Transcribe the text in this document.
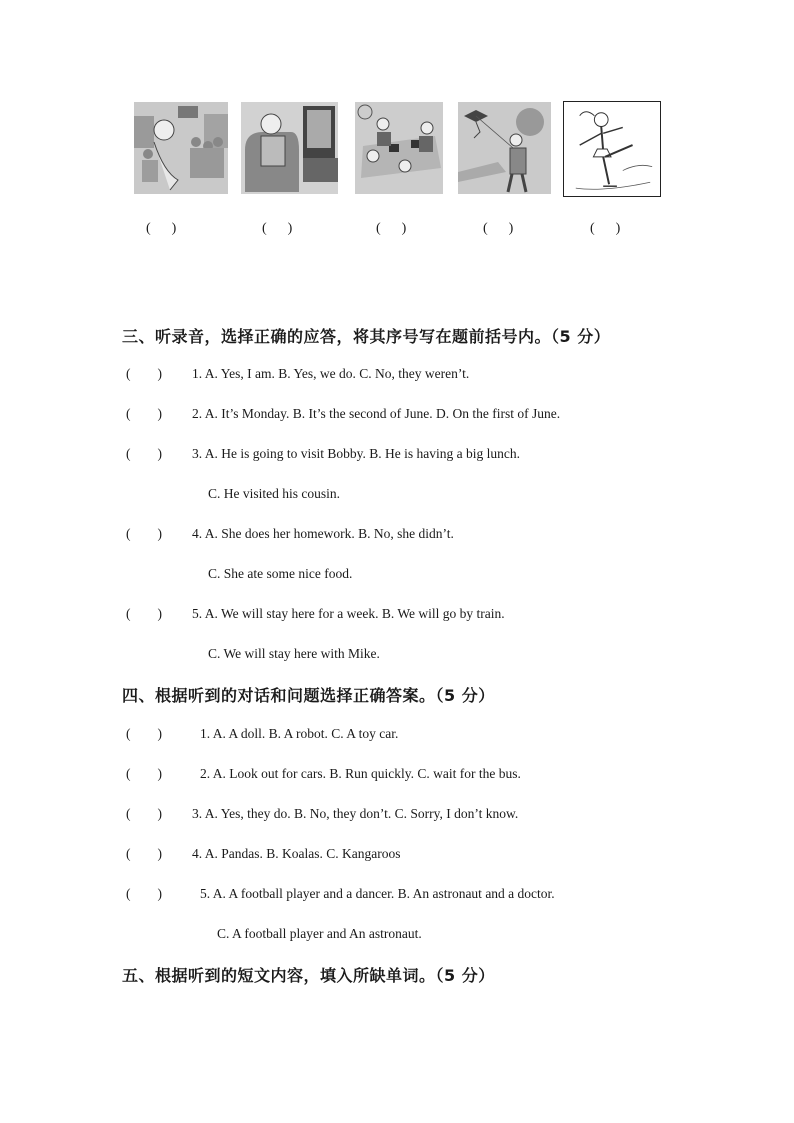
(      )	(      )	(      )	(      )	(      )
三、听录音，选择正确的应答，将其序号写在题前括号内。（5 分）
(        ) 1. A. Yes, I am. B. Yes, we do. C. No, they weren’t.
(        ) 2. A. It’s Monday. B. It’s the second of June. D. On the first of June.
(        ) 3. A. He is going to visit Bobby. B. He is having a big lunch.
C. He visited his cousin.
(        ) 4. A. She does her homework. B. No, she didn’t.
C. She ate some nice food.
(        ) 5. A. We will stay here for a week. B. We will go by train.
C. We will stay here with Mike.
四、根据听到的对话和问题选择正确答案。（5 分）
(        )	1. A. A doll. B. A robot. C. A toy car.
(        )	2. A. Look out for cars. B. Run quickly. C. wait for the bus.
(        ) 3. A. Yes, they do. B. No, they don’t. C. Sorry, I don’t know.
(        ) 4. A. Pandas. B. Koalas. C. Kangaroos
(        )	5. A. A football player and a dancer. B. An astronaut and a doctor.
C. A football player and An astronaut.
五、根据听到的短文内容，填入所缺单词。（5 分）
